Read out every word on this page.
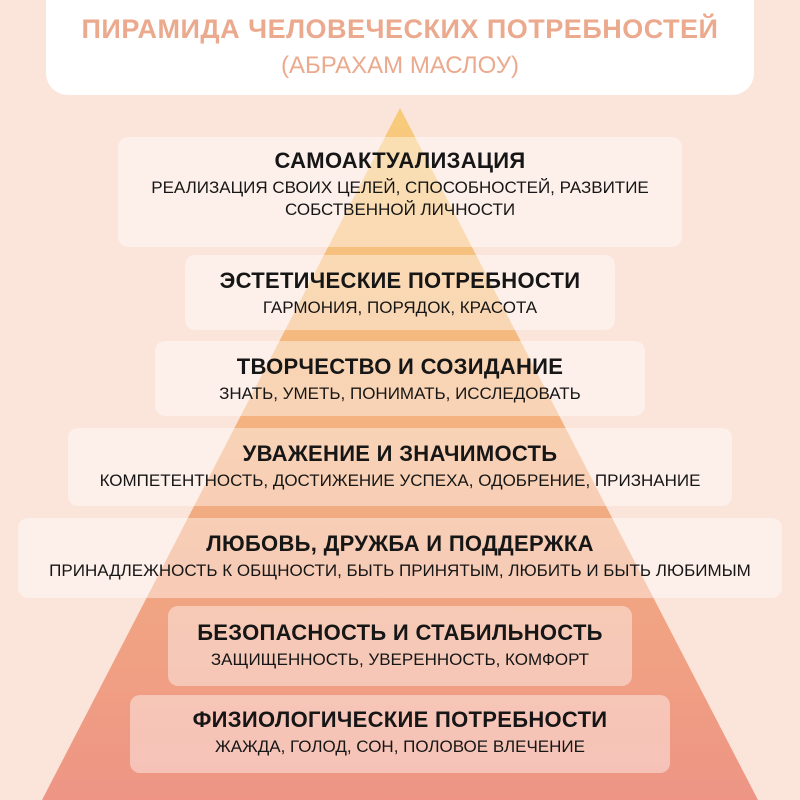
ПИРАМИДА ЧЕЛОВЕЧЕСКИХ ПОТРЕБНОСТЕЙ
(АБРАХАМ МАСЛОУ)
САМОАКТУАЛИЗАЦИЯ
РЕАЛИЗАЦИЯ СВОИХ ЦЕЛЕЙ, СПОСОБНОСТЕЙ, РАЗВИТИЕ
СОБСТВЕННОЙ ЛИЧНОСТИ
ЭСТЕТИЧЕСКИЕ ПОТРЕБНОСТИ
ГАРМОНИЯ, ПОРЯДОК, КРАСОТА
ТВОРЧЕСТВО И СОЗИДАНИЕ
ЗНАТЬ, УМЕТЬ, ПОНИМАТЬ, ИССЛЕДОВАТЬ
УВАЖЕНИЕ И ЗНАЧИМОСТЬ
КОМПЕТЕНТНОСТЬ, ДОСТИЖЕНИЕ УСПЕХА, ОДОБРЕНИЕ, ПРИЗНАНИЕ
ЛЮБОВЬ, ДРУЖБА И ПОДДЕРЖКА
ПРИНАДЛЕЖНОСТЬ К ОБЩНОСТИ, БЫТЬ ПРИНЯТЫМ, ЛЮБИТЬ И БЫТЬ ЛЮБИМЫМ
БЕЗОПАСНОСТЬ И СТАБИЛЬНОСТЬ
ЗАЩИЩЕННОСТЬ, УВЕРЕННОСТЬ, КОМФОРТ
ФИЗИОЛОГИЧЕСКИЕ ПОТРЕБНОСТИ
ЖАЖДА, ГОЛОД, СОН, ПОЛОВОЕ ВЛЕЧЕНИЕ
